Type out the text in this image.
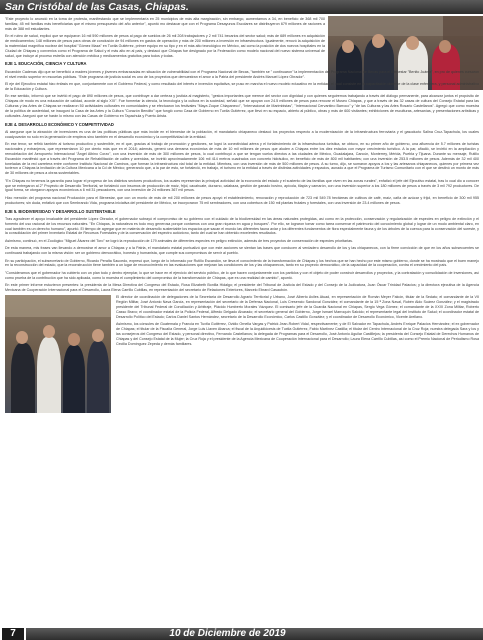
San Cristóbal de las Casas, Chiapas.

"Este proyecto lo anunció en la toma de protesta, manifestando que se implementaría en 25 municipios de más alta marginación, sin embargo, aumentamos a 34, en beneficio de 368 mil 700 familias; 45 mil familias más beneficiarias que el mismo presupuesto del año anterior", apuntó mo destacar que con el Programa Desayunos Escolares se distribuyeron 679 millones de raciones a más de 388 mil estudiantes.

En el rubro de salud, explicó que se equiparon 16 mil 590 millones de pesos al pago de sueldos de 26 mil 208 trabajadores y 2 mil 741 becarios del sector salud; más de 689 millones en adquisición de medicamentos; 148 millones de pesos para obras de conclusión de 94 millones en gastos de operación y más de 200 millones a inversión en infraestructura. Igualmente, renovó la adquisición de la maternidad magnífica nuclear del hospital "Gómez Maza" en Tuxtla Gutiérrez, primer equipo en su tipo y en el más alto tecnológico en México, así como la posición de dos nuevos hospitales en la Ciudad de Chiapas y convenios como el Programa de Salud y el más alto en al país, y destacó que Chiapas fue designado por la Federación como modelo nacional del nuevo sistema universal de salud, que incluye al proceso estrella con atención médica y medicamentos gratuitos para todos y todas.

EJE 1. EDUCACIÓN, CIENCIA Y CULTURA

Escandón Cadenas dijo que se benefició a madres jóvenes y jóvenes embarazadas en situación de vulnerabilidad con el Programa Nacional de Becas, "también se " continuaron" la implementación del Programa Nacional de Becas para el Bienestar "Benito Juárez", en pro de quienes cursaron el nivel medio superior en escuelas públicas. "Este programa de justicia social es uno de los proyectos que demuestran el amor a la Patria del presidente Andrés Manuel López Obrador".

El eje del Ejecutivo estatal hizo énfasis en que, conjuntamente con el Gobierno Federal, y como resultado del interés e inversión equitativa, se puso en marcha el nuevo modelo educativo en la entidad, el cual consiste en la capacitación docente de la clase enfermera, y personal administrativo de la Educación y Cultura.

En ese sentido, informó que se invirtió el pago de 890 millones de pesos, que contribuye a dar certeza y justicia al magisterio, "gestos importantes que merece del sector con dignidad y con quienes seguiremos trabajando a través del diálogo permanente, para alcanzar juntos el propósito de Chiapas de modo es una educación de calidad, acorde al siglo XXI". Fue fomentar la ciencia, la tecnología y la cultura en la sociedad, señaló que se apoyan con 24.5 millones de pesos para renovar el Museo Chiapas, y que a través de las 32 casas de cultura del Consejo Estatal para las Culturas y las Artes de Chiapas se realizaron 50 actividades culturales en comunidades y se efectuaron los festivales "Maya Zoque Chiapaneco", "Internacional de Marimbistas", "Internacional Cervantino Barroco" y "de las Culturas y las Artes Rosario Castellanos". Agregó que como muestra de la política de austeridad, se inauguró la Casa de las Artes y la Cultura "Corazón Bendito" que fungió como Casa de Gobierno en Tuxtla Gutiérrez, que llevó en su espacio, abierto al público, obras y más de 600 visitantes; exhibiciones de esculturas, artesanías, y presentaciones artísticas y culturales. Aseguró que se harán lo mismo con las Casas de Gobierno en Tapachula y Puerto Arista.

EJE 4. DESARROLLO ECONÓMICO Y COMPETITIVIDAD

Al asegurar que la atracción de inversiones es una de las políticas públicas que más incide en el bienestar de la población, el mandatario chiapaneco destacó los proyectos respecto a la modernización de la infraestructura ferroviaria y el gasoducto Salina Cruz-Tapachula, los cuales coadyuvarán no solo en la generación de empleos sino también en el desarrollo económico y la competitividad de la entidad.

En ese tenor, se refirió también al turismo productivo y sostenible, en el que, gracias al trabajo de promoción y gestiones, se logró la conectividad aérea y el fortalecimiento de la infraestructura turística, se obtuvo, en su primer año de gobierno, una afluencia de 5.7 millones de turistas nacionales y extranjeros, que representaron 10 por ciento más que en el 2018; además, generó una derrama económica de más de 10 mil millones de pesos que aluden a Chiapas entre los diez estados con mayor crecimiento turístico. A la par, añadió, se invirtió en la ampliación y remodelación del Aeropuerto Internacional "Ángel Albino Corzo", con una inversión de más de 300 millones de pesos, lo cual contribuyó a que se tengan vuelos directos a las ciudades de México, Guadalajara, Cancún, Monterrey, Mérida, Puebla y Tijuana. Durante su mensaje, Rutilio Escandón manifestó que a través del Programa de Rehabilitación de calles y avenidas, se invirtió aproximadamente 106 mil 414 metros cuadrados con concreto hidráulico, en beneficio de más de 800 mil habitantes; con una inversión de 253.5 millones de pesos. Además de 32 mil 400 toneladas de la red carretera entre conforme Instituto Nacional de Caminos, que forman la infraestructura vial total de la entidad. Mientras, con una inversión de más de 500 millones de pesos. A su turno, dijo, se sumaron apoyos a los y las artesanos chiapanecos, quienes por primera vez tuvieron a Chiapas la invitación de la Cultura Mexicana a la Cd de México; generando que, a la par de esto, se fortaleció, en trabajo, el turismo en la entidad a través de distintas actividades y espacios, aunado a que el Programa de Turismo Comunitario con el que se destinó un monto de más de 30 millones de pesos a obras sustentables.

"En Chiapas no tenemos la garantía para lograr el progreso de los distintos sectores productivos, los cuales representan la principal actividad de la economía del estado y el sustento de las familias que viven en las zonas rurales", enfatizó el jefe del Ejecutivo estatal, tras lo cual dio a conocer que se entregaron al 2° Proyecto de Desarrollo Territorial, se fortaleció con insumos de producción de maíz, frijol, cacahuate, durazno, calabaza, gestión de ganado bovino, apícola, tilapia y camarón, con una inversión superior a los 180 millones de pesos a través de 3 mil 792 productores. De igual forma, se otorgaron apoyos económicos a 6 mil 31 pescadores, con una inversión de 24 millones 367 mil pesos.

Hizo mención del programa nacional Producción para el Bienestar, que con un monto de más de mil 200 millones de pesos apoyó el establecimiento, renovación y reproducción de 723 mil 549.78 hectáreas de cultivos de café, maíz, caña de azúcar y frijol, en beneficio de 300 mil 955 productores; sin duda, enfatizó que con Sembrando Vida, programa iniciativa del presidente de México, se incorporaron 75 mil sembradores, con una cobertura de 150 mil plantas frutales y forestales, con una inversión de 23.4 millones de pesos.

EJE 5. BIODIVERSIDAD Y DESARROLLO SUSTENTABLE

Tras agradecer el apoyo invaluable del presidente López Obrador, el gobernador subrayó el compromiso de su gobierno con el cuidado de la biodiversidad en las áreas naturales protegidas, así como en la protección, conservación y regularización de especies en peligro de extinción y el fomento del uso racional de los recursos naturales. "En Chiapas, la naturaleza es todo muy generosa porque contamos con una gran riqueza en agua y bosques". Por ello, se lograron tomar como tarea conservar el patrimonio del conocimiento global y lograr de un modo ambiental claro, en cual también es un derecho humano", apuntó. El tiempo de agregar que en materia de desarrollo sustentable los espacios que sacan el mundo las diferentes fauna aviar y los diferentes fundamentos de flora especialmente fauna y de los árboles de la cuenca para la conservación del sureste, y la consolidación del primer Inventario Estatal de Recursos Forestales y de la conservación del espectro autóctono, tanto del cual se han obtenido excelentes resultados.

Asimismo, continuó, en el Zoológico "Miguel Álvarez del Toro" se logró la reproducción de 179 animales de diferentes especies en peligro extinción, además de tres proyectos de conservación de especies prioritarias.

De esta manera, mis frases van llevando a demostrar el amor a Chiapas y a la Patria, el mandatario estatal puntualizó que con este acciones se sientan las bases que conducen al verdadero desarrollo de los y las chiapanecos, con la firme convicción de que en los años subsecuentes se continuará trabajando con la misma visión: ser un gobierno democrático, honesto y humanista, que cumple sus compromisos de servir al pueblo.

En su participación, el subsecretario de Gobierno, Ricardo Peralta Saucedo, expresó que, luego de lo informado por Rutilio Escandón, se lleva el conocimiento de la transformación de Chiapas y los hechos que se han hecho por este mismo gobierno, donde se ha mostrado que el buen manejo en la reconstrucción del estado, que la reconstrucción tiene también a un lugar de reconocimiento en las evaluaciones que mejoran las condiciones de los y las chiapanecos, tanto en su proyecto democrático, de la capacidad de la cooperación, contra el crecimiento del país.

"Consideramos que el gobernador ha cubierto con un plan todo y dentro ejemplar, lo que se hace en el ejercicio del servicio público, de lo que hacen conjuntamente con los partidos y con el objeto de poder construir desarrollos y proyectos, y la contratación y consolidación de inversiones, así como prueba de la contribución que ha sido aplicada, como lo muestra el cumplimiento del compromiso de la transformación de Chiapas, que es una realidad de cambio", apuntó.

En este primer informe estuvieron presentes: la presidenta de la Mesa Directiva del Congreso del Estado, Rosa Elizabeth Bonilla Hidalgo; el presidente del Tribunal de Justicia del Estado y del Consejo de la Judicatura, Juan Óscar Trinidad Palacios; y la directora ejecutiva de la Agencia Mexicana de Cooperación Internacional para el Desarrollo, Laura Elena Carrillo Cubillas, en representación del secretario de Relaciones Exteriores, Marcelo Ebrard Casaubón.

El director de coordinación de delegaciones de la Secretaría de Desarrollo Agrario Territorial y Urbano, José Alberto Aviles Atuad, en representación de Román Meyer Falcón, titular de la Sedatu; el comandante de la VII Región Militar, José Antonio Nava García, en representación del secretario de la Defensa Nacional, Luis Cresencio Sandoval González; el comandante de la 15 ª Zona Naval, Rubén Aldo Suárez González; y el magistrado presidente del Tribunal Federal de Conciliación y Arbitraje, Plácido Humberto Morales Vázquez. El comisario jefe de la Guardia Nacional en Chiapas, Sergio Vega Gómez; el comandante de la XXXI Zona Militar, Roberto Casso Bravo; el coordinador estatal de la Policía Federal, Alfredo Delgado Alvarado; el secretario general del Gobierno, Jorge Ismael Marroquín Salcido; el representante legal del Instituto de Salud; el coordinador estatal de Desarrollo Político del Estado; Carlos Daniel Santos Hernández, secretario de la Desarrollo Económico, Carlos Castillo González; y el coordinador de Desarrollo Económico, Vicente Arellano.

Asimismo, los cónsules de Guatemala y Francia en Tuxtla Gutiérrez, Ovidio Ornella Vargas y Patrick Jean-Robert Vidal, respectivamente; y de El Salvador en Tapachula, Andrés Enrique Palacios Hernández; el ex gobernador de Chiapas; el titular de la Fiscalía General, Jorge Luis Llaven Abarca; el fiscal de la Arquidiócesis de Tuxtla Gutiérrez, Fabio Martínez Castilla; el titular del Centro Internacional de la Cruz Roja; nuestra delegada Sara y los y las consejeros del Congreso del Estado, y personal directivo, Fernando Castellanos; la delegada de Programas para el Desarrollo, José Antonio Aguilar Castillejos; la presidenta del Consejo Estatal de Derechos Humanos de Chiapas y del Consejo Estatal de la Mujer; la Cruz Roja y el presidente de la Agencia Mexicana de Cooperación Internacional para el Desarrollo; Laura Elena Carrillo Cubillas, así como el Premio Nacional de Periodismo Rosa Cecilia Domínguez Zepeda y demás familiares.

7	10 de Diciembre de 2019
